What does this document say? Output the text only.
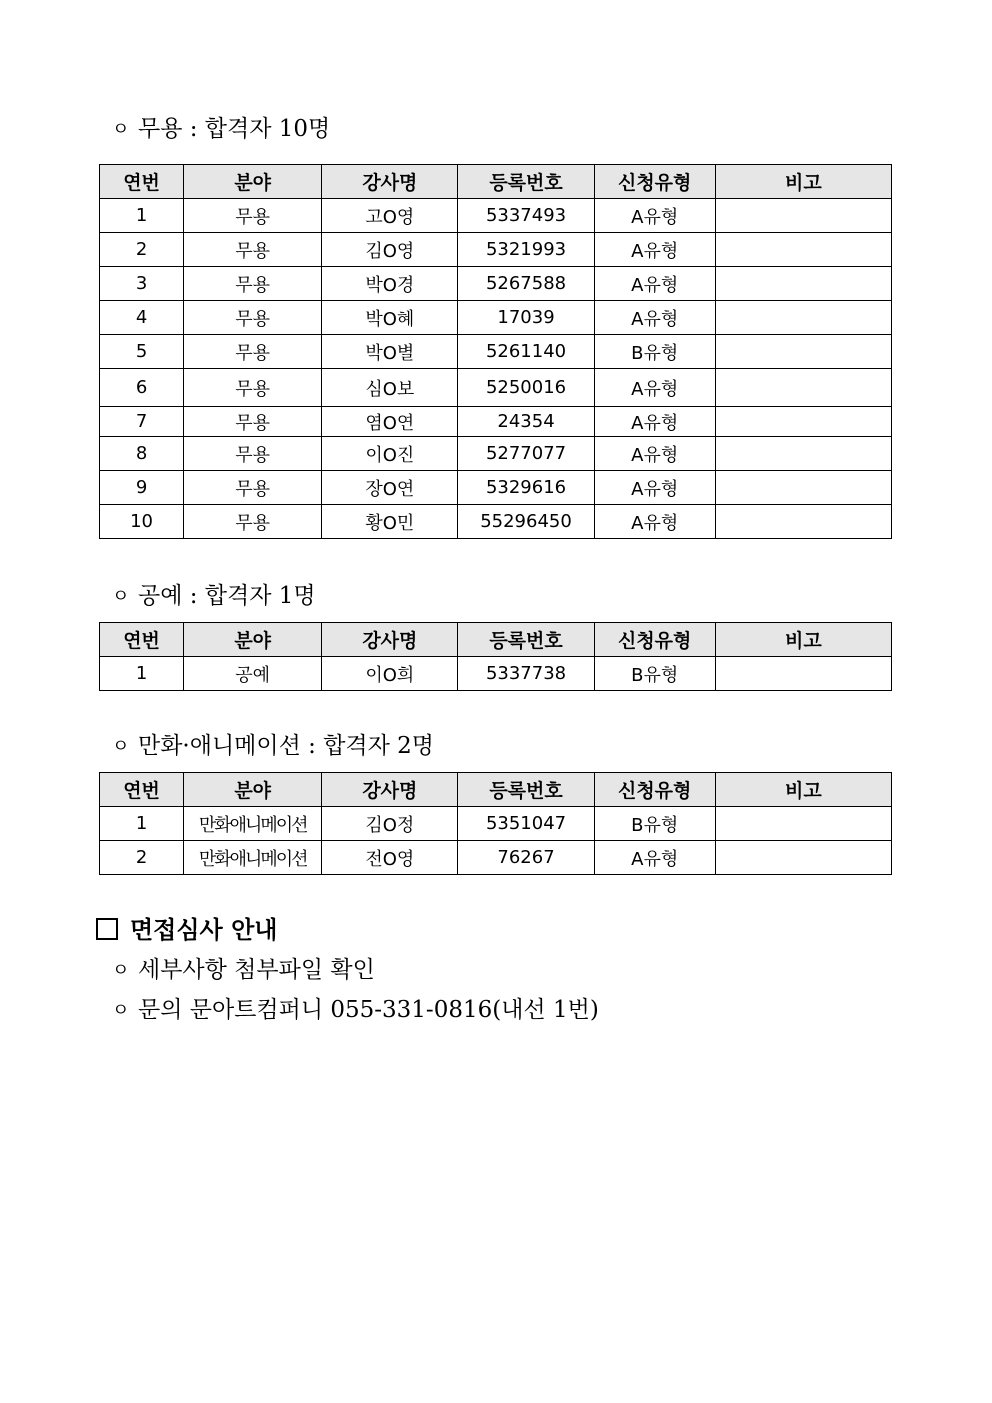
ㅇ 무용 : 합격자 10명
연번	분야	강사명	등록번호	신청유형	비고
1	무용	고O영	5337493	A유형	
2	무용	김O영	5321993	A유형	
3	무용	박O경	5267588	A유형	
4	무용	박O혜	17039	A유형	
5	무용	박O별	5261140	B유형	
6	무용	심O보	5250016	A유형	
7	무용	염O연	24354	A유형	
8	무용	이O진	5277077	A유형	
9	무용	장O연	5329616	A유형	
10	무용	황O민	55296450	A유형	
ㅇ 공예 : 합격자 1명
연번	분야	강사명	등록번호	신청유형	비고
1	공예	이O희	5337738	B유형	
ㅇ 만화·애니메이션 : 합격자 2명
연번	분야	강사명	등록번호	신청유형	비고
1	만화애니메이션	김O정	5351047	B유형	
2	만화애니메이션	전O영	76267	A유형	
면접심사 안내
ㅇ 세부사항 첨부파일 확인
ㅇ 문의 문아트컴퍼니 055-331-0816(내선 1번)
